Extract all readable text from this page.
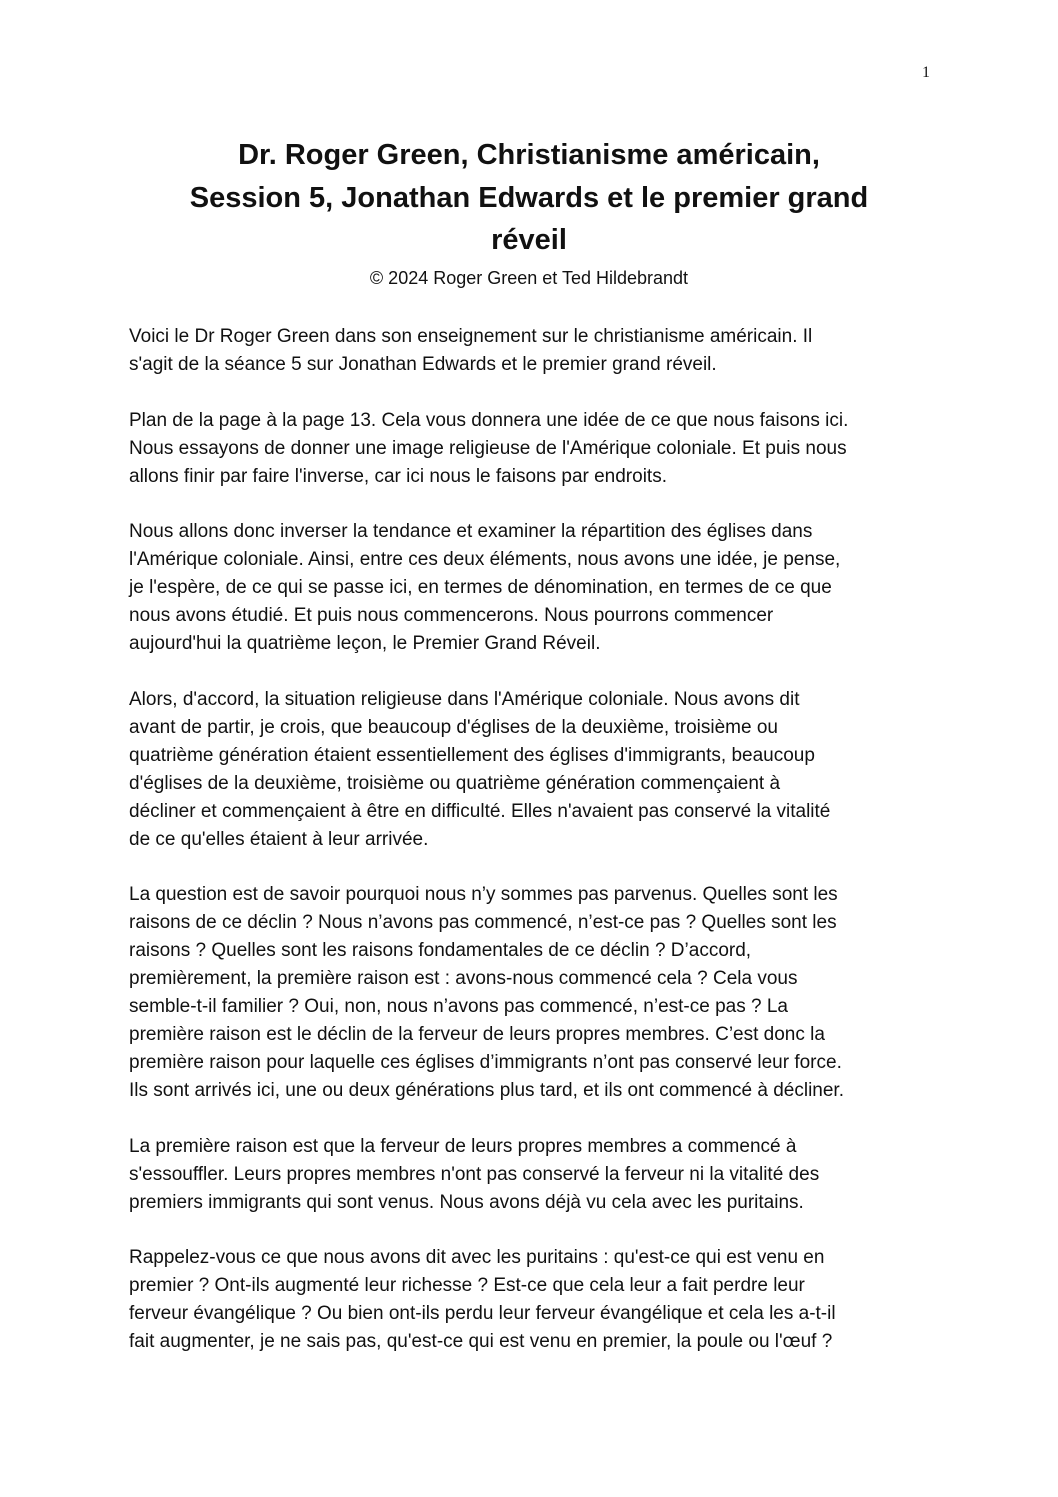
1
Dr. Roger Green, Christianisme américain,
Session 5, Jonathan Edwards et le premier grand
réveil
© 2024 Roger Green et Ted Hildebrandt
Voici le Dr Roger Green dans son enseignement sur le christianisme américain. Il
s'agit de la séance 5 sur Jonathan Edwards et le premier grand réveil.
Plan de la page à la page 13. Cela vous donnera une idée de ce que nous faisons ici.
Nous essayons de donner une image religieuse de l'Amérique coloniale. Et puis nous
allons finir par faire l'inverse, car ici nous le faisons par endroits.
Nous allons donc inverser la tendance et examiner la répartition des églises dans
l'Amérique coloniale. Ainsi, entre ces deux éléments, nous avons une idée, je pense,
je l'espère, de ce qui se passe ici, en termes de dénomination, en termes de ce que
nous avons étudié. Et puis nous commencerons. Nous pourrons commencer
aujourd'hui la quatrième leçon, le Premier Grand Réveil.
Alors, d'accord, la situation religieuse dans l'Amérique coloniale. Nous avons dit
avant de partir, je crois, que beaucoup d'églises de la deuxième, troisième ou
quatrième génération étaient essentiellement des églises d'immigrants, beaucoup
d'églises de la deuxième, troisième ou quatrième génération commençaient à
décliner et commençaient à être en difficulté. Elles n'avaient pas conservé la vitalité
de ce qu'elles étaient à leur arrivée.
La question est de savoir pourquoi nous n’y sommes pas parvenus. Quelles sont les
raisons de ce déclin ? Nous n’avons pas commencé, n’est-ce pas ? Quelles sont les
raisons ? Quelles sont les raisons fondamentales de ce déclin ? D’accord,
premièrement, la première raison est : avons-nous commencé cela ? Cela vous
semble-t-il familier ? Oui, non, nous n’avons pas commencé, n’est-ce pas ? La
première raison est le déclin de la ferveur de leurs propres membres. C’est donc la
première raison pour laquelle ces églises d’immigrants n’ont pas conservé leur force.
Ils sont arrivés ici, une ou deux générations plus tard, et ils ont commencé à décliner.
La première raison est que la ferveur de leurs propres membres a commencé à
s'essouffler. Leurs propres membres n'ont pas conservé la ferveur ni la vitalité des
premiers immigrants qui sont venus. Nous avons déjà vu cela avec les puritains.
Rappelez-vous ce que nous avons dit avec les puritains : qu'est-ce qui est venu en
premier ? Ont-ils augmenté leur richesse ? Est-ce que cela leur a fait perdre leur
ferveur évangélique ? Ou bien ont-ils perdu leur ferveur évangélique et cela les a-t-il
fait augmenter, je ne sais pas, qu'est-ce qui est venu en premier, la poule ou l'œuf ?
